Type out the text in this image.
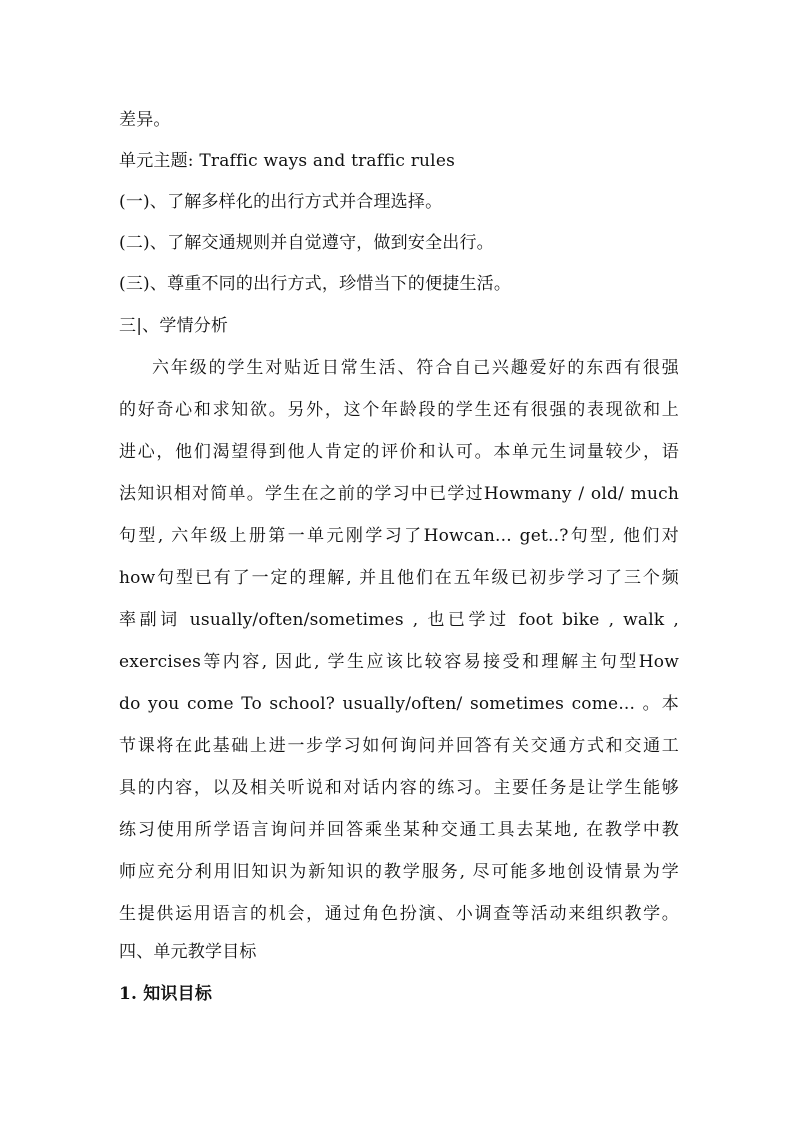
差异。
单元主题: Traffic ways and traffic rules
(一)、了解多样化的出行方式并合理选择。
(二)、了解交通规则并自觉遵守，做到安全出行。
(三)、尊重不同的出行方式，珍惜当下的便捷生活。
三|、学情分析
六年级的学生对贴近日常生活、符合自己兴趣爱好的东西有很强
的好奇心和求知欲。另外，这个年龄段的学生还有很强的表现欲和上
进心，他们渴望得到他人肯定的评价和认可。本单元生词量较少，语
法知识相对简单。学生在之前的学习中已学过Howmany / old/ much
句型, 六年级上册第一单元刚学习了Howcan... get..?句型, 他们对
how句型已有了一定的理解, 并且他们在五年级已初步学习了三个频
率副词 usually/often/sometimes , 也已学过 foot bike , walk ,
exercises等内容, 因此, 学生应该比较容易接受和理解主句型How
do you come To school? usually/often/ sometimes come... 。本
节课将在此基础上进一步学习如何询问并回答有关交通方式和交通工
具的内容，以及相关听说和对话内容的练习。主要任务是让学生能够
练习使用所学语言询问并回答乘坐某种交通工具去某地, 在教学中教
师应充分利用旧知识为新知识的教学服务, 尽可能多地创设情景为学
生提供运用语言的机会，通过角色扮演、小调查等活动来组织教学。
四、单元教学目标
1. 知识目标
